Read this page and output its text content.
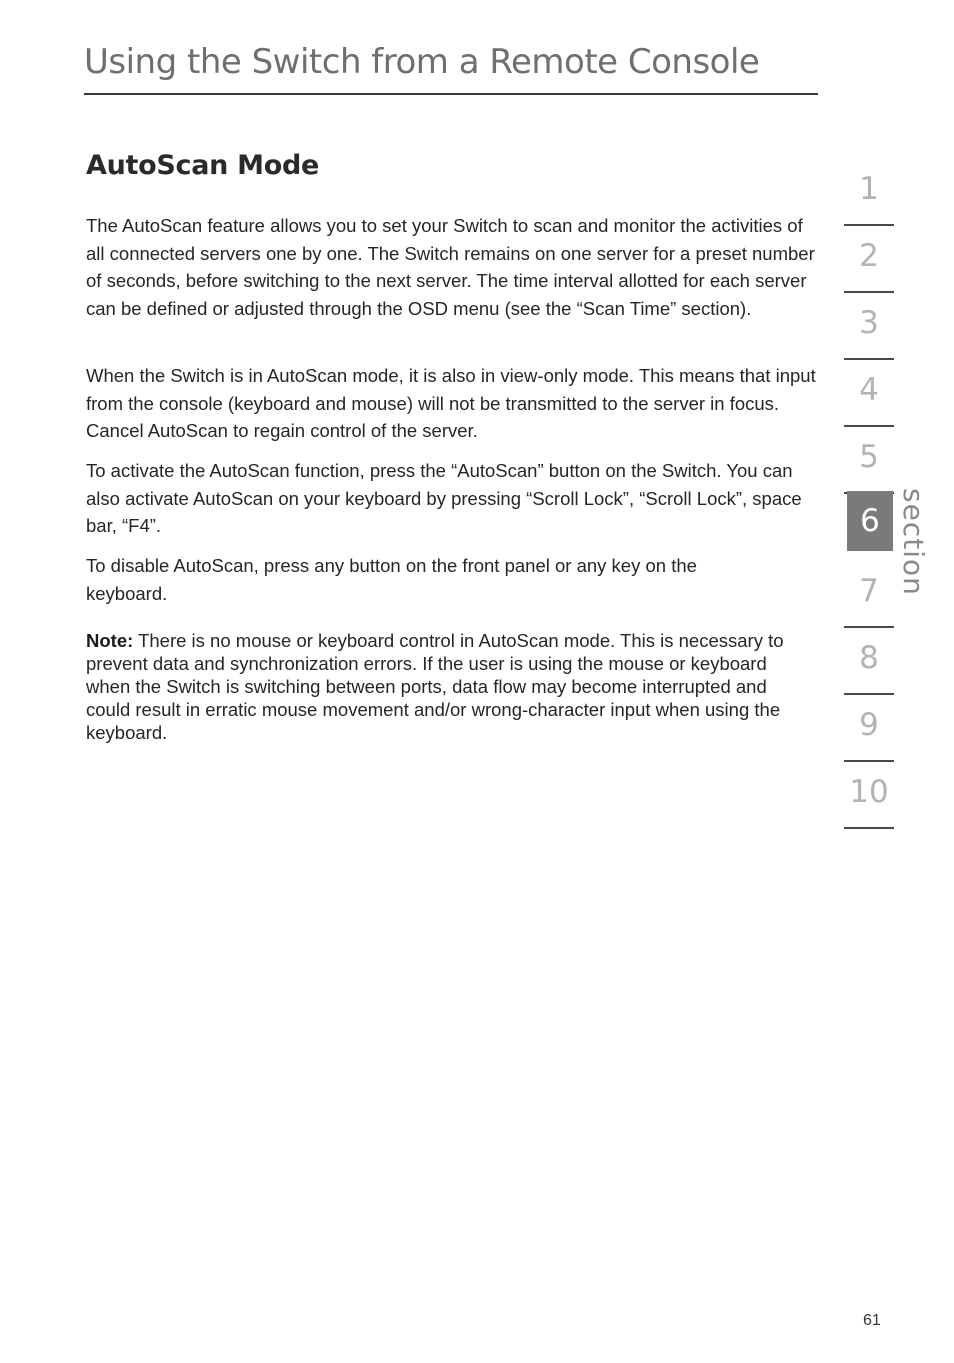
Using the Switch from a Remote Console
AutoScan Mode

The AutoScan feature allows you to set your Switch to scan and monitor the activities of all connected servers one by one. The Switch remains on one server for a preset number of seconds, before switching to the next server. The time interval allotted for each server can be defined or adjusted through the OSD menu (see the “Scan Time” section).

When the Switch is in AutoScan mode, it is also in view-only mode. This means that input from the console (keyboard and mouse) will not be transmitted to the server in focus. Cancel AutoScan to regain control of the server.

To activate the AutoScan function, press the “AutoScan” button on the Switch. You can also activate AutoScan on your keyboard by pressing “Scroll Lock”, “Scroll Lock”, space bar, “F4”.

To disable AutoScan, press any button on the front panel or any key on the keyboard.

Note: There is no mouse or keyboard control in AutoScan mode. This is necessary to prevent data and synchronization errors. If the user is using the mouse or keyboard when the Switch is switching between ports, data flow may become interrupted and could result in erratic mouse movement and/or wrong-character input when using the keyboard.

1
2
3
4
5
6
7
8
9
10
section
61
